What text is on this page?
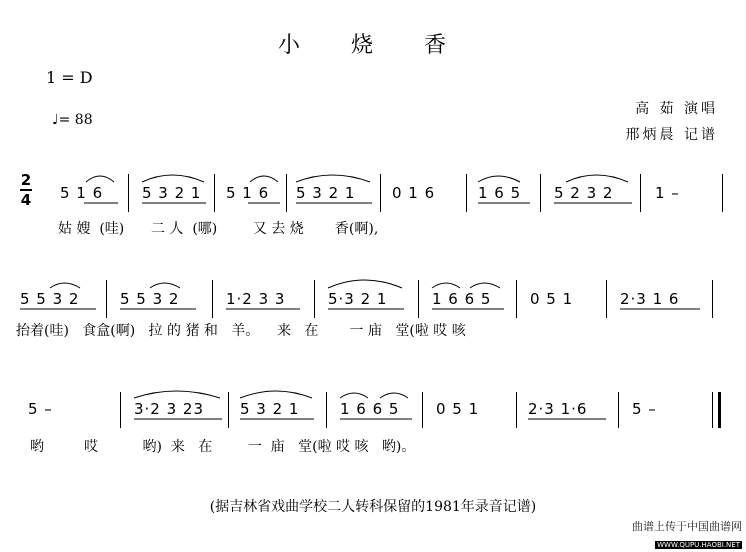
小 烧 香
1 = D
♩= 88
高 茹 演唱
邢炳晨 记谱
2
4 5 1 6	5 3 2 1 5 1 6 5 3 2 1 0 1 6	1 6 5 5 2 3 2	1 –
姑 嫂  (哇)      二 人  (哪)        又 去 烧       香(啊),
5 5 3 2	5 5 3 2	1·2 3 3	5·3 2 1	1 6 6 5	0 5 1	2·3 1 6
抬着(哇)   食盒(啊)   拉 的 猪 和   羊。    来   在       一 庙   堂(啦 哎 咳
5 –	3·2 3 23 5 3 2 1	1 6 6 5 0 5 1	2·3 1·6	5 –
哟         哎          哟)  来   在        一  庙   堂(啦 哎 咳   哟)。
(据吉林省戏曲学校二人转科保留的1981年录音记谱)
曲谱上传于中国曲谱网
WWW.QUPU.HAOBI.NET
